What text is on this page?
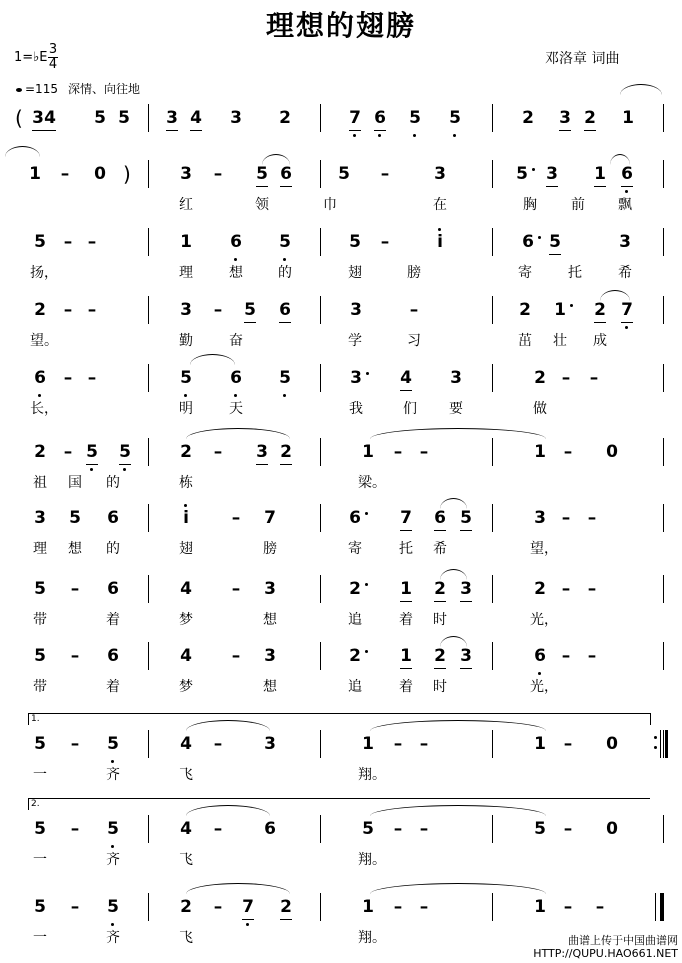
理想的翅膀
邓洛章 词曲
1=♭E
3
4
=115 深情、向往地
( 3 4 5 5 3 4 3 2	7 6 5 5	2 3 2 1
1 – 0 )	3 – 5 6	5 –	3	5 3 1 6
红	领	巾	在	胸 前 飘
5 – –	1 6 5	5 –	i	6 5	3
扬，	理	想	的	翅	膀	寄	托	希
2 – –	3 – 5 6	3	–	2 1 2 7
望。	勤	奋	学	习	茁 壮 成
6 – –	5 6 5	3 4 3	2 – –
长，	明	天	我	们 要	做
2 – 5 5	2 – 3 2	1 – –	1 – 0
祖 国 的	栋	梁。
3 5 6	i	– 7	6 7 6 5	3 – –
理 想 的	翅	膀	寄	托 希	望，
5 – 6	4 – 3	2 1 2 3	2 – –
带	着	梦	想	追	着 时	光，
5 – 6	4 – 3	2 1 2 3	6 – –
带	着	梦	想	追	着 时	光，
5 – 5	4 – 3	1 – –	1 – 0
一	齐	飞	翔。
5 – 5	4 – 6	5 – –	5 – 0
一	齐	飞	翔。
5 – 5	2 – 7 2	1 – –	1 – –
一	齐	飞	翔。
1.
2.
曲谱上传于中国曲谱网
HTTP://QUPU.HAO661.NET
